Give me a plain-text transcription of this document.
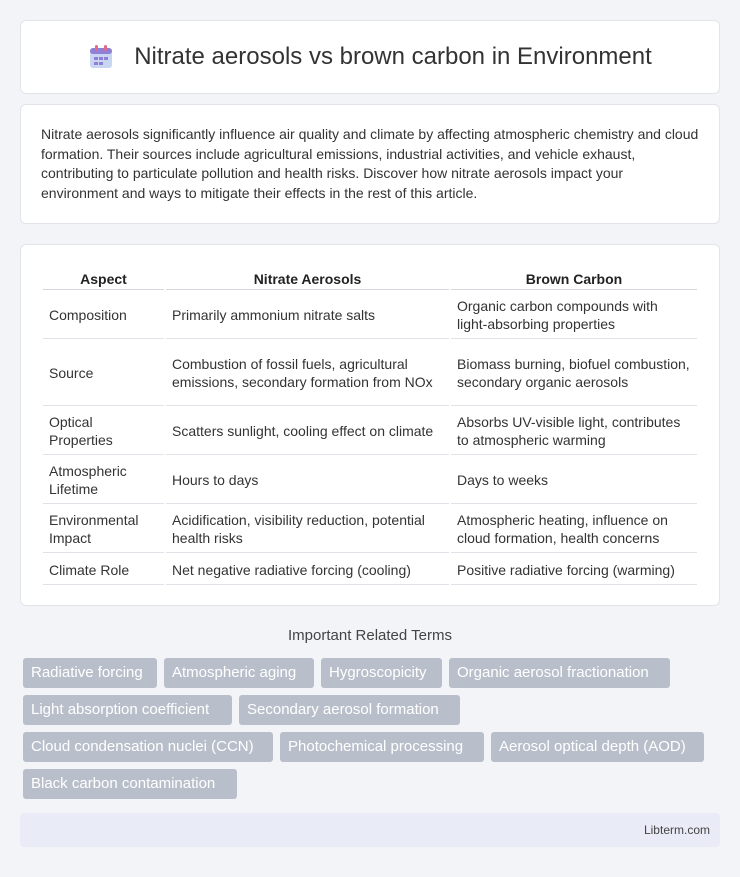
Nitrate aerosols vs brown carbon in Environment

Nitrate aerosols significantly influence air quality and climate by affecting atmospheric chemistry and cloud formation. Their sources include agricultural emissions, industrial activities, and vehicle exhaust, contributing to particulate pollution and health risks. Discover how nitrate aerosols impact your environment and ways to mitigate their effects in the rest of this article.

Aspect	Nitrate Aerosols	Brown Carbon
Composition	Primarily ammonium nitrate salts	Organic carbon compounds with light-absorbing properties
Source	Combustion of fossil fuels, agricultural emissions, secondary formation from NOx	Biomass burning, biofuel combustion, secondary organic aerosols
Optical Properties	Scatters sunlight, cooling effect on climate	Absorbs UV-visible light, contributes to atmospheric warming
Atmospheric Lifetime	Hours to days	Days to weeks
Environmental Impact	Acidification, visibility reduction, potential health risks	Atmospheric heating, influence on cloud formation, health concerns
Climate Role	Net negative radiative forcing (cooling)	Positive radiative forcing (warming)
Important Related Terms
Radiative forcing	Atmospheric aging	Hygroscopicity	Organic aerosol fractionation
Light absorption coefficient	Secondary aerosol formation
Cloud condensation nuclei (CCN)	Photochemical processing	Aerosol optical depth (AOD)
Black carbon contamination
Libterm.com
